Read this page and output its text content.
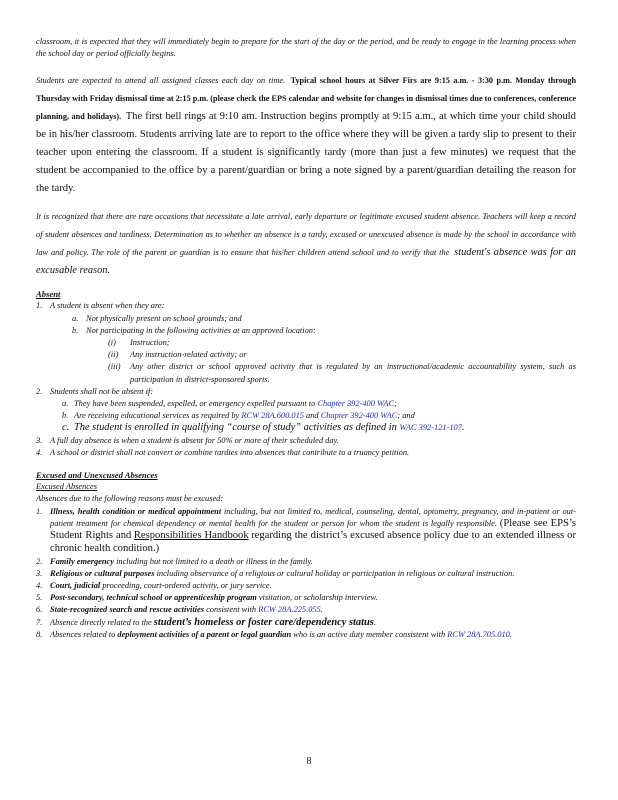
classroom, it is expected that they will immediately begin to prepare for the start of the day or the period, and be ready to engage in the learning process when the school day or period officially begins.

Students are expected to attend all assigned classes each day on time. Typical school hours at Silver Firs are 9:15 a.m. - 3:30 p.m. Monday through Thursday with Friday dismissal time at 2:15 p.m. (please check the EPS calendar and website for changes in dismissal times due to conferences, conference planning, and holidays). The first bell rings at 9:10 am. Instruction begins promptly at 9:15 a.m., at which time your child should be in his/her classroom. Students arriving late are to report to the office where they will be given a tardy slip to present to their teacher upon entering the classroom. If a student is significantly tardy (more than just a few minutes) we request that the student be accompanied to the office by a parent/guardian or bring a note signed by a parent/guardian detailing the reason for the tardy.
It is recognized that there are rare occasions that necessitate a late arrival, early departure or legitimate excused student absence. Teachers will keep a record of student absences and tardiness. Determination as to whether an absence is a tardy, excused or unexcused absence is made by the school in accordance with law and policy. The role of the parent or guardian is to ensure that his/her children attend school and to verify that the student's absence was for an excusable reason.
Absent
1. A student is absent when they are:
a. Not physically present on school grounds; and
b. Not participating in the following activities at an approved location:
(i)	Instruction;
(ii)	Any instruction-related activity; or
(iii)	Any other district or school approved activity that is regulated by an instructional/academic accountability system, such as participation in district-sponsored sports.
2. Students shall not be absent if:
a. They have been suspended, expelled, or emergency expelled pursuant to Chapter 392-400 WAC;
b. Are receiving educational services as required by RCW 28A.600.015 and Chapter 392-400 WAC; and
c. The student is enrolled in qualifying “course of study” activities as defined in WAC 392-121-107.
3. A full day absence is when a student is absent for 50% or more of their scheduled day.
4. A school or district shall not convert or combine tardies into absences that contribute to a truancy petition.
Excused and Unexcused Absences
Excused Absences
Absences due to the following reasons must be excused:
1. Illness, health condition or medical appointment including, but not limited to, medical, counseling, dental, optometry, pregnancy, and in-patient or out-patient treatment for chemical dependency or mental health for the student or person for whom the student is legally responsible. (Please see EPS’s Student Rights and Responsibilities Handbook regarding the district’s excused absence policy due to an extended illness or chronic health condition.)
2. Family emergency including but not limited to a death or illness in the family.
3. Religious or cultural purposes including observance of a religious or cultural holiday or participation in religious or cultural instruction.
4. Court, judicial proceeding, court-ordered activity, or jury service.
5. Post-secondary, technical school or apprenticeship program visitation, or scholarship interview.
6. State-recognized search and rescue activities consistent with RCW 28A.225.055.
7. Absence directly related to the student’s homeless or foster care/dependency status.
8. Absences related to deployment activities of a parent or legal guardian who is an active duty member consistent with RCW 28A.705.010.
8
